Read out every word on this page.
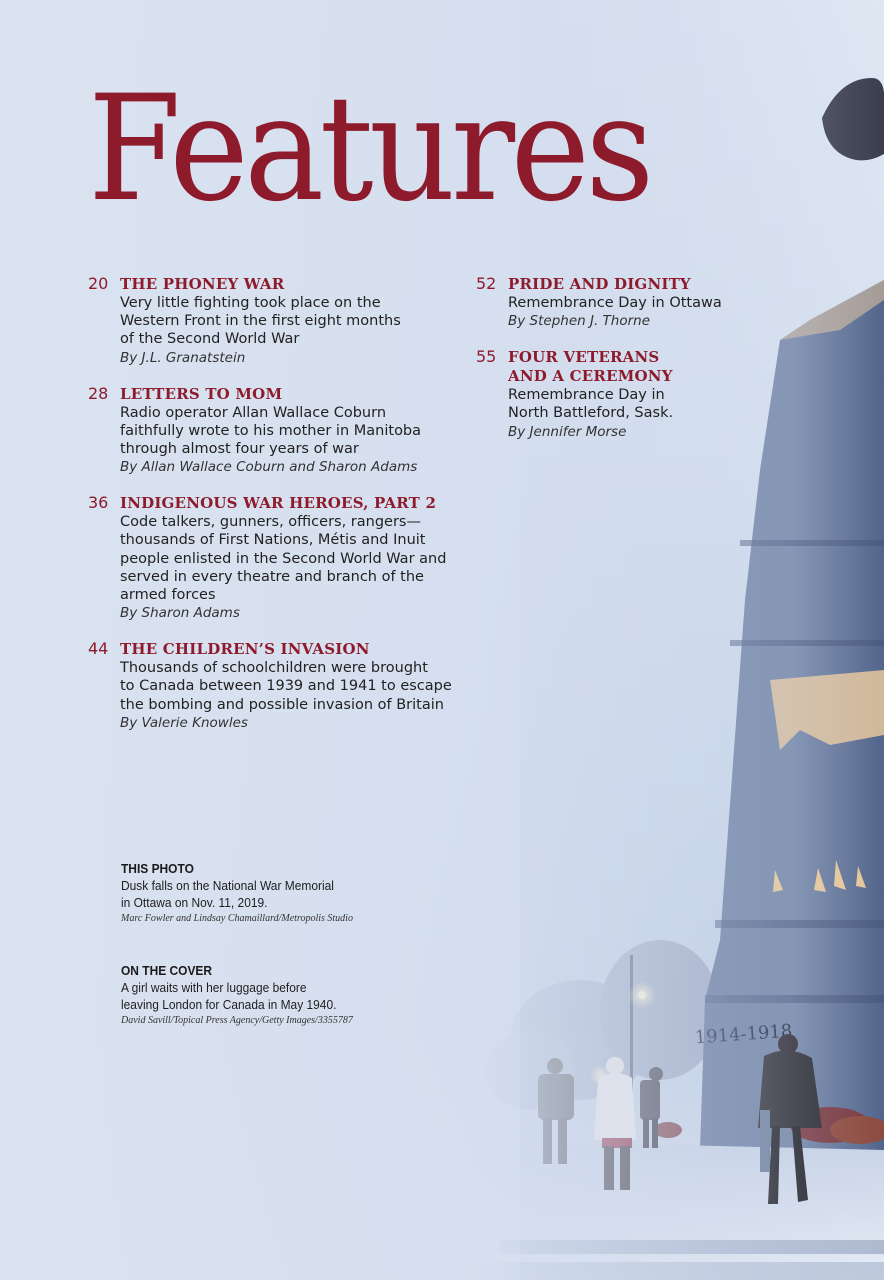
Features
20 THE PHONEY WAR
Very little fighting took place on the
Western Front in the first eight months
of the Second World War
By J.L. Granatstein
28 LETTERS TO MOM
Radio operator Allan Wallace Coburn
faithfully wrote to his mother in Manitoba
through almost four years of war
By Allan Wallace Coburn and Sharon Adams
36 INDIGENOUS WAR HEROES, PART 2
Code talkers, gunners, officers, rangers—
thousands of First Nations, Métis and Inuit
people enlisted in the Second World War and
served in every theatre and branch of the
armed forces
By Sharon Adams
44 THE CHILDREN’S INVASION
Thousands of schoolchildren were brought
to Canada between 1939 and 1941 to escape
the bombing and possible invasion of Britain
By Valerie Knowles
52 PRIDE AND DIGNITY
Remembrance Day in Ottawa
By Stephen J. Thorne
55 FOUR VETERANS
AND A CEREMONY
Remembrance Day in
North Battleford, Sask.
By Jennifer Morse
THIS PHOTO
Dusk falls on the National War Memorial
in Ottawa on Nov. 11, 2019.
Marc Fowler and Lindsay Chamaillard/Metropolis Studio
ON THE COVER
A girl waits with her luggage before
leaving London for Canada in May 1940.
David Savill/Topical Press Agency/Getty Images/3355787
